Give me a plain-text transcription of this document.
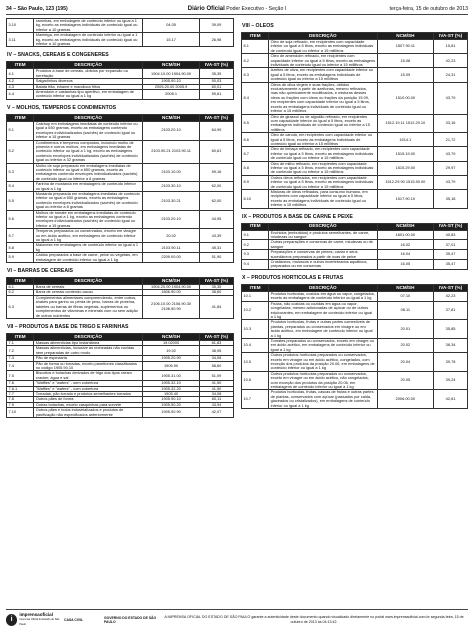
34 – São Paulo, 123 (195)	Diário Oficial Poder Executivo - Seção I	terça-feira, 15 de outubro de 2013
3.10	xaninhas, em embalagem de conteúdo inferior ou igual a 1 kg, exceto as embalagens individuais de conteúdo igual ou inferior a 10 gramas	04.05	39,09
3.11	Manteiga, em embalagem de conteúdo inferior ou igual a 1 kg, exceto as embalagens individuais de conteúdo igual ou inferior a 10 gramas	15.17	26,98
IV – SNACKS, CEREAIS E CONGENERES
ITEM	DESCRIÇÃO	NCM/SH	IVA-ST (%)
4.1	Produtos à base de cereais, obtidos por expansão ou torrefação	1904.10.00 1904.90.00	35,35
4.2	Salgadinhos diversos	1905.90.10	50,03
4.3	Batata frita, inhame e mandioca fritos	2005.20.00 2005.9	60,01
4.4	Amendoim e castanhas tipo aperitivo, em embalagem de conteúdo inferior ou igual a 1 kg	2008.1	59,61
V – MOLHOS, TEMPEROS E CONDIMENTOS
ITEM	DESCRIÇÃO	NCM/SH	IVA-ST (%)
5.1	Catchup em embalagens imediatas de conteúdo inferior ou igual a 650 gramas, exceto as embalagens contendo envelopes individualizados (sachês) de conteúdo igual ou inferior a 15 gramas	2103.20.10	64,99
5.2	Condimentos e temperos compostos, incluindo molho de pimenta e outros molhos, em embalagens imediatas de conteúdo inferior ou igual a 1 kg, exceto as embalagens contendo envelopes individualizados (sachês) de conteúdo igual ou inferior a 32 gramas	2103.90.21 2103.90.11	60,61
5.3	Molho de soja preparado em embalagens imediatas de conteúdo inferior ou igual a 650 gramas, exceto as embalagens contendo envelopes individualizados (sachês) de conteúdo igual ou inferior a 8 gramas	2103.10.00	59,16
5.4	Farinha de mostarda em embalagens de conteúdo inferior ou igual a 1 kg	2103.30.10	62,00
5.5	Mostarda preparada em embalagens imediatas de conteúdo inferior ou igual a 650 gramas, exceto as embalagens contendo envelopes individualizados (sachês) de conteúdo igual ou inferior a 8 gramas	2103.30.21	62,00
5.6	Molhos de tomate em embalagens imediatas de conteúdo inferior ou igual a 1 kg, exceto as embalagens contendo envelopes individualizados (sachês) de conteúdo igual ou inferior a 15 gramas	2103.20.10	44,95
5.7	Temperos preparados ou conservados, exceto em vinagre ou em ácido acético, em embalagens de conteúdo inferior ou igual a 1 kg	20.02	43,39
5.8	Maionese em embalagens de conteúdo inferior ou igual a 1 kg	2103.90.11	45,31
5.9	Caldos preparados a base de carne, peixe ou vegetais, em embalagem de conteúdo inferior ou igual a 1 kg	2209.00.00	51,90
VI – BARRAS DE CEREAIS
ITEM	DESCRIÇÃO	NCM/SH	IVA-ST (%)
6.1	Barra de cereais	1904.20.00 1904.90.00	35,35
6.2	Barra de cereais contendo cacau	1806.90.00	38,60
6.3	Complementos alimentares compreendendo, entre outros, shakes para ganho ou perda de peso, barras de proteína, tabletes ou barras de fibras vegetais, suplementos ou complementos de vitaminas e minerais com ou sem adição de outros nutrientes	2106.10.00 2106.90.30 2106.90.90	41,84
VII – PRODUTOS A BASE DE TRIGO E FARINHAS
ITEM	DESCRIÇÃO	NCM/SH	IVA-ST (%)
7.1	Massas alimentícias tipo instantânea	19.02000	81,83
7.2	Massas alimentícias, inclusive as recheadas não cozidas nem preparadas de outro modo	19.02	38,95
7.3	Pão de especiaria	1905.20.90	34,08
7.4	Pão de forma ou torradas, exceto panettones classificados no código 1905.90.10	1905.90	58,60
7.5	Biscoitos e bolachas derivados de trigo dos tipos cream cracker, água e sal	1905.31.00	51,09
7.6	"Waffles" e "wafers" - sem cobertura	1905.32.10	41,50
7.6.1	"Waffles" e "wafers" - com cobertura	1905.32.20	41,50
7.7	Torradas, pão torrado e produtos semelhantes torrados	1905.40	34,08
7.8	Outros pães de forma	1905.90.10	60,11
7.9	Outras bolachas, exceto casquinhas para sorvete	1905.90.20	43,94
7.10	Outros pães e bolos industrializados e produtos de panificação não especificados anteriormente	1905.90.90	42,07
VIII – OLEOS
ITEM	DESCRIÇÃO	NCM/SH	IVA-ST (%)
8.1	Óleo de soja refinado, em recipientes com capacidade inferior ou igual a 5 litros, exceto as embalagens individuais de conteúdo igual ou inferior a 15 mililitros	1507.90.11	15,81
8.2	Óleo de amendoim refinado, em recipientes com capacidade inferior ou igual a 5 litros, exceto as embalagens individuais de conteúdo igual ou inferior a 15 mililitros	15.08	42,23
8.3	Azeites de oliva, em recipientes com capacidade inferior ou igual a 5 litros, exceto as embalagens individuais de conteúdo igual ou inferior a 15 mililitros	15.09	24,31
8.4	Óleos de oliva virgem e suas frações, obtidos exclusivamente a partir de azeitonas, mesmo refinados, mas não quimicamente modificados, e misturas desses óleos ou frações com óleos ou frações da posição 15.09, em recipientes com capacidade inferior ou igual a 5 litros, exceto as embalagens individuais de conteúdo igual ou inferior a 15 mililitros	1510.00.00	43,79
8.5	Óleo de girassol ou de algodão refinado, em recipientes com capacidade inferior ou igual a 5 litros, exceto as embalagens individuais de conteúdo igual ou inferior a 15 mililitros	1512.19.11 1512.29.10	33,16
8.6	Óleo de canola, em recipientes com capacidade inferior ou igual a 5 litros, exceto as embalagens individuais de conteúdo igual ou inferior a 15 mililitros	1514.1	21,72
8.7	Óleo de linhaça refinado, em recipientes com capacidade inferior ou igual a 5 litros, exceto as embalagens individuais de conteúdo igual ou inferior a 15 mililitros	1515.19.00	43,79
8.8	Óleo de milho refinado, em recipientes com capacidade inferior ou igual a 5 litros, exceto as embalagens individuais de conteúdo igual ou inferior a 15 mililitros	1515.29.00	29,97
8.9	Outros óleos refinados, em recipientes com capacidade inferior ou igual a 5 litros, exceto as embalagens individuais de conteúdo igual ou inferior a 15 mililitros	1512.29.90 1515.90.00	43,79
8.10	Misturas de óleos refinados, para consumo humano, em recipientes com capacidade inferior ou igual a 5 litros, exceto as embalagens individuais de conteúdo igual ou inferior a 15 mililitros	1517.90.10	35,18
IX – PRODUTOS A BASE DE CARNE E PEIXE
ITEM	DESCRIÇÃO	NCM/SH	IVA-ST (%)
9.1	Enchidos (embutidos) e produtos semelhantes, de carne, miudezas ou sangue	1601.00.00	40,83
9.2	Outras preparações e conservas de carne, miudezas ou de sangue	16.02	37,01
9.3	Preparações e conservas de peixes; caviar e seus sucedâneos preparados a partir de ovas de peixe	16.04	35,47
9.4	Crustáceos, moluscos e outros invertebrados aquáticos, preparados ou em conservas	16.05	35,47
X – PRODUTOS HORTICOLAS E FRUTAS
ITEM	DESCRIÇÃO	NCM/SH	IVA-ST (%)
10.1	Produtos hortícolas, cozidos em água ou vapor, congelados, exceto as embalagens de conteúdo inferior ou igual a 1 kg	07.10	42,23
10.2	Frutas, não cozidas ou cozidas em água ou vapor, congeladas, mesmo adicionadas de açúcar ou de outros edulcorantes, em embalagem de conteúdo inferior ou igual a 1 kg	08.11	37,81
10.3	Produtos hortícolas, frutas e outras partes comestíveis de plantas, preparados ou conservados em vinagre ou em ácido acético, em embalagem de conteúdo inferior ou igual a 1 kg	20.01	35,85
10.4	Tomates preparados ou conservados, exceto em vinagre ou em ácido acético, em embalagens de conteúdo inferior ou igual a 1 kg	20.02	36,34
10.5	Outros produtos hortícolas preparados ou conservados, exceto em vinagre ou em ácido acético, congelados, com exceção dos produtos da posição 20.06, em embalagens de conteúdo inferior ou igual a 1 kg	20.04	39,78
10.6	Outros produtos hortícolas preparados ou conservados, exceto em vinagre ou em ácido acético, não congelados, com exceção dos produtos da posição 20.06, em embalagens de conteúdo inferior ou igual a 1 kg	20.05	39,24
10.7	Produtos hortícolas, frutas, cascas de frutas e outras partes de plantas, conservados com açúcar (passados por calda, glaceados ou cristalizados), em embalagens de conteúdo inferior ou igual a 1 kg	2006.00.00	42,61
i
imprensaoficial
Imprensa Oficial do Estado de São Paulo
CASA CIVIL	GOVERNO DO ESTADO DE SÃO PAULO
A IMPRENSA OFICIAL DO ESTADO DE SÃO PAULO garante a autenticidade deste documento quando visualizado diretamente no portal www.imprensaoficial.com.br segunda-feira, 15 de outubro de 2013 às 04:13:42.
